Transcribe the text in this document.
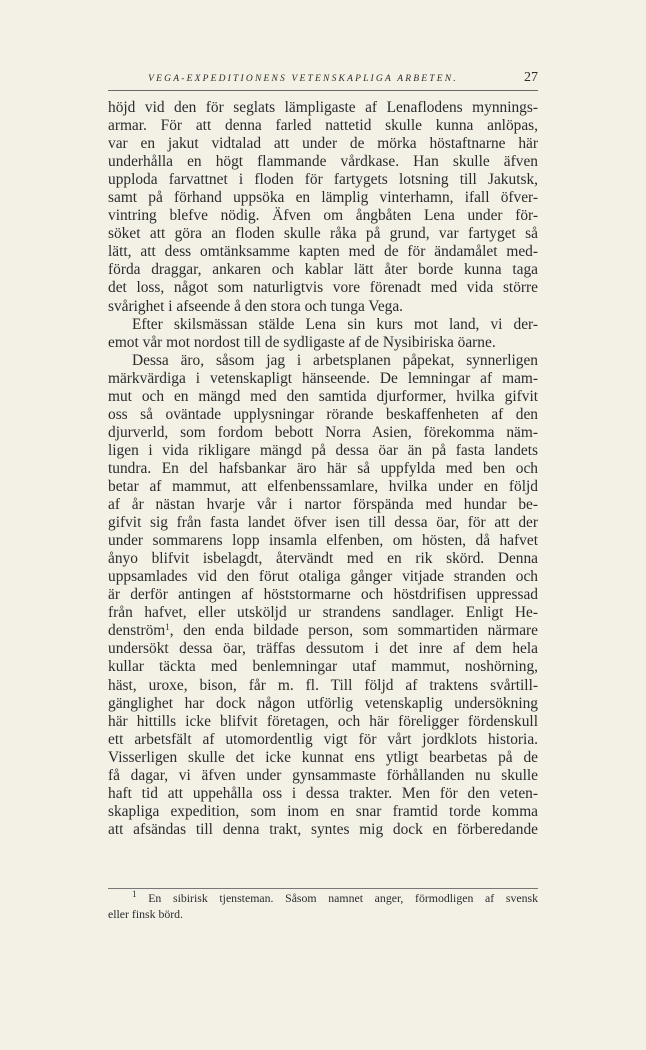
VEGA-EXPEDITIONENS VETENSKAPLIGA ARBETEN.	27
höjd vid den för seglats lämpligaste af Lenaflodens mynnings-
armar. För att denna farled nattetid skulle kunna anlöpas,
var en jakut vidtalad att under de mörka höstaftnarne här
underhålla en högt flammande vårdkase. Han skulle äfven
upploda farvattnet i floden för fartygets lotsning till Jakutsk,
samt på förhand uppsöka en lämplig vinterhamn, ifall öfver-
vintring blefve nödig. Äfven om ångbåten Lena under för-
söket att göra an floden skulle råka på grund, var fartyget så
lätt, att dess omtänksamme kapten med de för ändamålet med-
förda draggar, ankaren och kablar lätt åter borde kunna taga
det loss, något som naturligtvis vore förenadt med vida större
svårighet i afseende å den stora och tunga Vega.
Efter skilsmässan stälde Lena sin kurs mot land, vi der-
emot vår mot nordost till de sydligaste af de Nysibiriska öarne.
Dessa äro, såsom jag i arbetsplanen påpekat, synnerligen
märkvärdiga i vetenskapligt hänseende. De lemningar af mam-
mut och en mängd med den samtida djurformer, hvilka gifvit
oss så oväntade upplysningar rörande beskaffenheten af den
djurverld, som fordom bebott Norra Asien, förekomma näm-
ligen i vida rikligare mängd på dessa öar än på fasta landets
tundra. En del hafsbankar äro här så uppfylda med ben och
betar af mammut, att elfenbenssamlare, hvilka under en följd
af år nästan hvarje vår i nartor förspända med hundar be-
gifvit sig från fasta landet öfver isen till dessa öar, för att der
under sommarens lopp insamla elfenben, om hösten, då hafvet
ånyo blifvit isbelagdt, återvändt med en rik skörd. Denna
uppsamlades vid den förut otaliga gånger vitjade stranden och
är derför antingen af höststormarne och höstdrifisen uppressad
från hafvet, eller utsköljd ur strandens sandlager. Enligt He-
denström$^1$, den enda bildade person, som sommartiden närmare
undersökt dessa öar, träffas dessutom i det inre af dem hela
kullar täckta med benlemningar utaf mammut, noshörning,
häst, uroxe, bison, får m. fl. Till följd af traktens svårtill-
gänglighet har dock någon utförlig vetenskaplig undersökning
här hittills icke blifvit företagen, och här föreligger fördenskull
ett arbetsfält af utomordentlig vigt för vårt jordklots historia.
Visserligen skulle det icke kunnat ens ytligt bearbetas på de
få dagar, vi äfven under gynsammaste förhållanden nu skulle
haft tid att uppehålla oss i dessa trakter. Men för den veten-
skapliga expedition, som inom en snar framtid torde komma
att afsändas till denna trakt, syntes mig dock en förberedande
$^1$ En sibirisk tjensteman. Såsom namnet anger, förmodligen af svensk
eller finsk börd.
